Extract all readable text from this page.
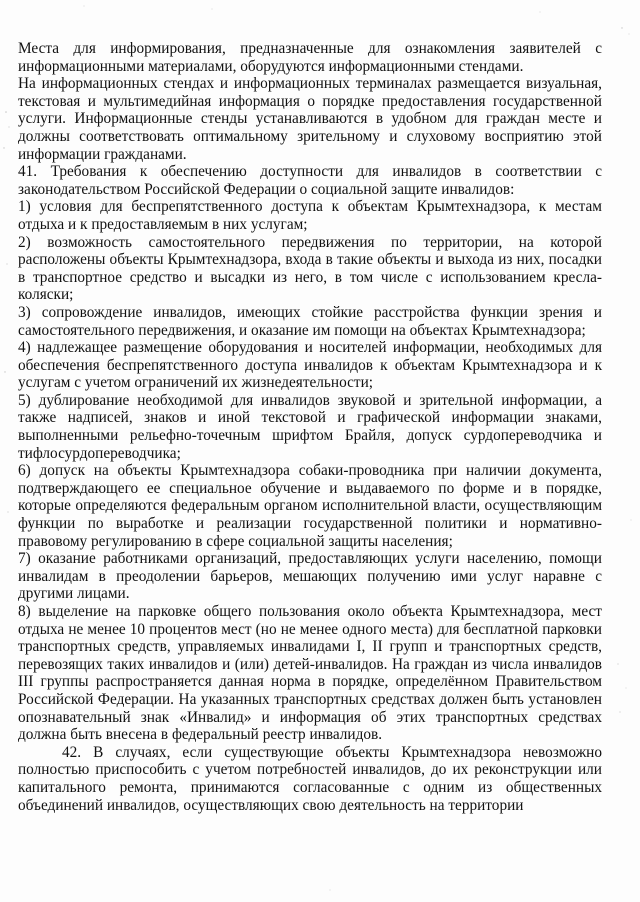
Места для информирования, предназначенные для ознакомления заявителей с информационными материалами, оборудуются информационными стендами.

На информационных стендах и информационных терминалах размещается визуальная, текстовая и мультимедийная информация о порядке предоставления государственной услуги. Информационные стенды устанавливаются в удобном для граждан месте и должны соответствовать оптимальному зрительному и слуховому восприятию этой информации гражданами.

41. Требования к обеспечению доступности для инвалидов в соответствии с законодательством Российской Федерации о социальной защите инвалидов:

1) условия для беспрепятственного доступа к объектам Крымтехнадзора, к местам отдыха и к предоставляемым в них услугам;

2) возможность самостоятельного передвижения по территории, на которой расположены объекты Крымтехнадзора, входа в такие объекты и выхода из них, посадки в транспортное средство и высадки из него, в том числе с использованием кресла-коляски;

3) сопровождение инвалидов, имеющих стойкие расстройства функции зрения и самостоятельного передвижения, и оказание им помощи на объектах Крымтехнадзора;

4) надлежащее размещение оборудования и носителей информации, необходимых для обеспечения беспрепятственного доступа инвалидов к объектам Крымтехнадзора и к услугам с учетом ограничений их жизнедеятельности;

5) дублирование необходимой для инвалидов звуковой и зрительной информации, а также надписей, знаков и иной текстовой и графической информации знаками, выполненными рельефно-точечным шрифтом Брайля, допуск сурдопереводчика и тифлосурдопереводчика;

6) допуск на объекты Крымтехнадзора собаки-проводника при наличии документа, подтверждающего ее специальное обучение и выдаваемого по форме и в порядке, которые определяются федеральным органом исполнительной власти, осуществляющим функции по выработке и реализации государственной политики и нормативно-правовому регулированию в сфере социальной защиты населения;

7) оказание работниками организаций, предоставляющих услуги населению, помощи инвалидам в преодолении барьеров, мешающих получению ими услуг наравне с другими лицами.

8) выделение на парковке общего пользования около объекта Крымтехнадзора, мест отдыха не менее 10 процентов мест (но не менее одного места) для бесплатной парковки транспортных средств, управляемых инвалидами I, II групп и транспортных средств, перевозящих таких инвалидов и (или) детей-инвалидов. На граждан из числа инвалидов III группы распространяется данная норма в порядке, определённом Правительством Российской Федерации. На указанных транспортных средствах должен быть установлен опознавательный знак «Инвалид» и информация об этих транспортных средствах должна быть внесена в федеральный реестр инвалидов.

42. В случаях, если существующие объекты Крымтехнадзора невозможно полностью приспособить с учетом потребностей инвалидов, до их реконструкции или капитального ремонта, принимаются согласованные с одним из общественных объединений инвалидов, осуществляющих свою деятельность на территории
